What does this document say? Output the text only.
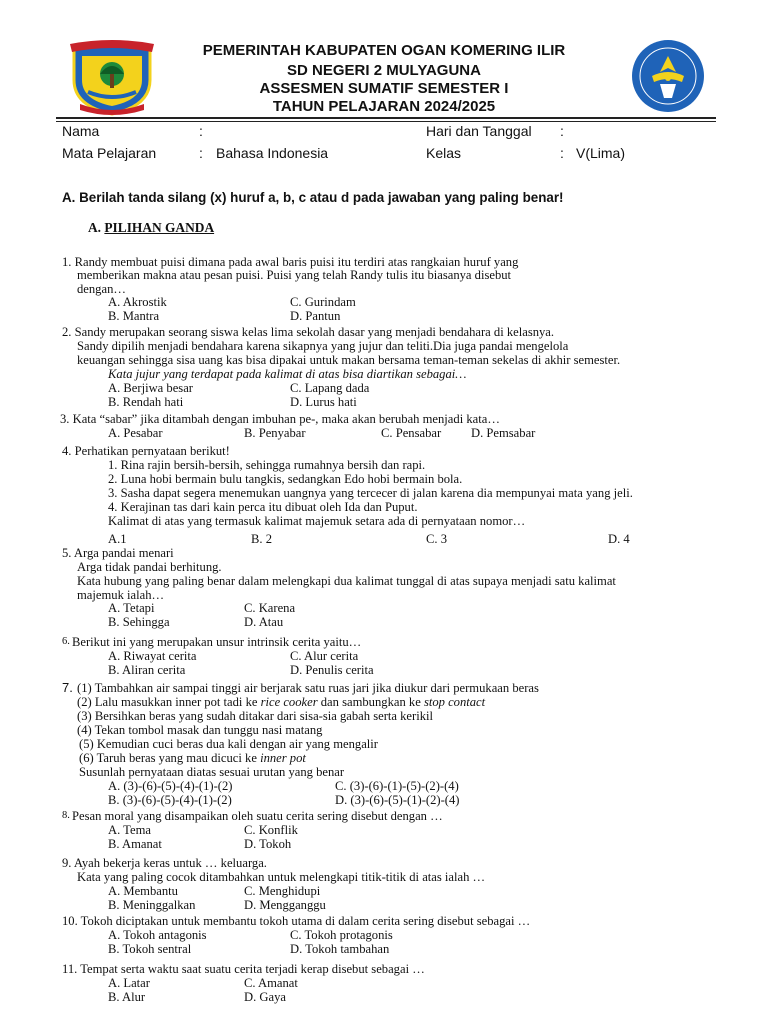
PEMERINTAH KABUPATEN OGAN KOMERING ILIR
SD NEGERI 2 MULYAGUNA
ASSESMEN SUMATIF SEMESTER I
TAHUN PELAJARAN 2024/2025
Nama	:	Hari dan Tanggal :
Mata Pelajaran	: Bahasa Indonesia	Kelas	: V(Lima)
A. Berilah tanda silang (x) huruf a, b, c atau d pada jawaban yang paling benar!
A. PILIHAN GANDA
1. Randy membuat puisi dimana pada awal baris puisi itu terdiri atas rangkaian huruf yang
memberikan makna atau pesan puisi. Puisi yang telah Randy tulis itu biasanya disebut
dengan…
A. Akrostik	C. Gurindam
B. Mantra	D. Pantun
2. Sandy merupakan seorang siswa kelas lima sekolah dasar yang menjadi bendahara di kelasnya.
Sandy dipilih menjadi bendahara karena sikapnya yang jujur dan teliti.Dia juga pandai mengelola
keuangan sehingga sisa uang kas bisa dipakai untuk makan bersama teman-teman sekelas di akhir semester.
Kata jujur yang terdapat pada kalimat di atas bisa diartikan sebagai…
A. Berjiwa besar	C. Lapang dada
B. Rendah hati	D. Lurus hati
3. Kata “sabar” jika ditambah dengan imbuhan pe-, maka akan berubah menjadi kata…
A. Pesabar	B. Penyabar	C. Pensabar D. Pemsabar
4. Perhatikan pernyataan berikut!
1. Rina rajin bersih-bersih, sehingga rumahnya bersih dan rapi.
2. Luna hobi bermain bulu tangkis, sedangkan Edo hobi bermain bola.
3. Sasha dapat segera menemukan uangnya yang tercecer di jalan karena dia mempunyai mata yang jeli.
4. Kerajinan tas dari kain perca itu dibuat oleh Ida dan Puput.
Kalimat di atas yang termasuk kalimat majemuk setara ada di pernyataan nomor…
A.1	B. 2	C. 3	D. 4
5. Arga pandai menari
Arga tidak pandai berhitung.
Kata hubung yang paling benar dalam melengkapi dua kalimat tunggal di atas supaya menjadi satu kalimat
majemuk ialah…
A. Tetapi	C. Karena
B. Sehingga	D. Atau
6. Berikut ini yang merupakan unsur intrinsik cerita yaitu…
A. Riwayat cerita	C. Alur cerita
B. Aliran cerita	D. Penulis cerita
7. (1) Tambahkan air sampai tinggi air berjarak satu ruas jari jika diukur dari permukaan beras
(2) Lalu masukkan inner pot tadi ke rice cooker dan sambungkan ke stop contact
(3) Bersihkan beras yang sudah ditakar dari sisa-sia gabah serta kerikil
(4) Tekan tombol masak dan tunggu nasi matang
(5) Kemudian cuci beras dua kali dengan air yang mengalir
(6) Taruh beras yang mau dicuci ke inner pot
Susunlah pernyataan diatas sesuai urutan yang benar
A. (3)-(6)-(5)-(4)-(1)-(2)	C. (3)-(6)-(1)-(5)-(2)-(4)
B. (3)-(6)-(5)-(4)-(1)-(2)	D. (3)-(6)-(5)-(1)-(2)-(4)
8. Pesan moral yang disampaikan oleh suatu cerita sering disebut dengan …
A. Tema	C. Konflik
B. Amanat	D. Tokoh
9. Ayah bekerja keras untuk … keluarga.
Kata yang paling cocok ditambahkan untuk melengkapi titik-titik di atas ialah …
A. Membantu	C. Menghidupi
B. Meninggalkan	D. Mengganggu
10. Tokoh diciptakan untuk membantu tokoh utama di dalam cerita sering disebut sebagai …
A. Tokoh antagonis	C. Tokoh protagonis
B. Tokoh sentral	D. Tokoh tambahan
11. Tempat serta waktu saat suatu cerita terjadi kerap disebut sebagai …
A. Latar	C. Amanat
B. Alur	D. Gaya
